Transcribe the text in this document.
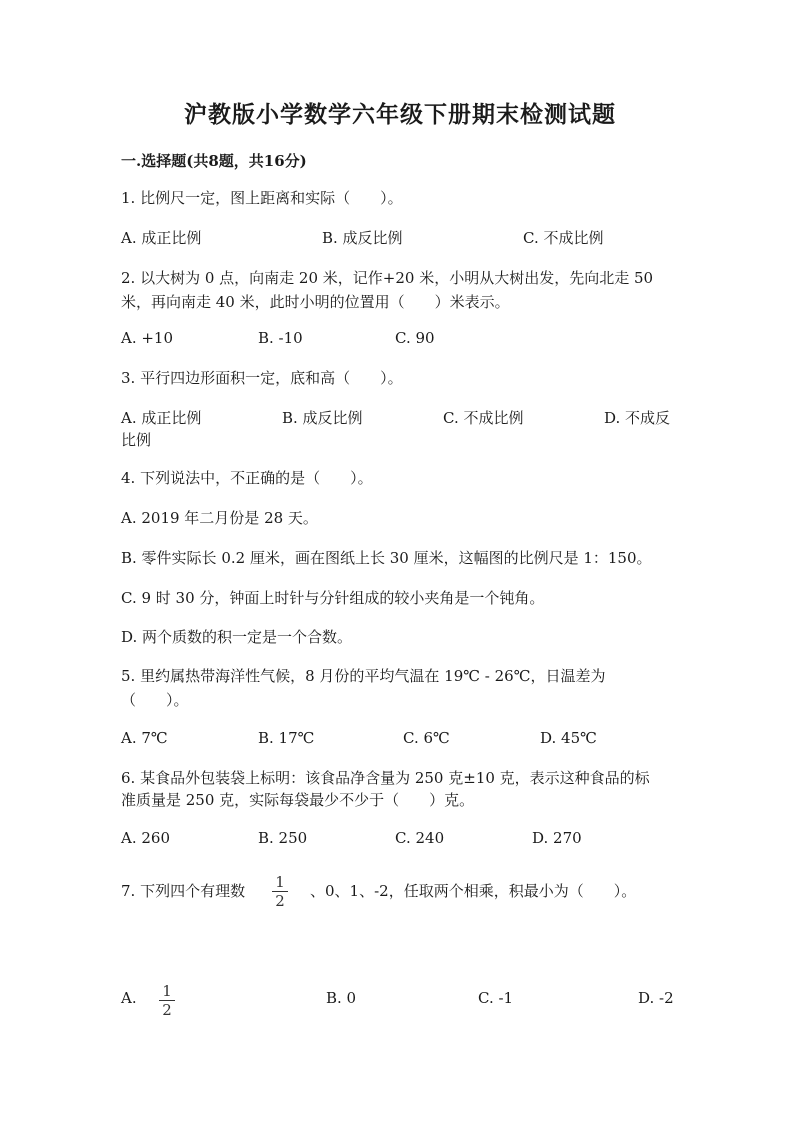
沪教版小学数学六年级下册期末检测试题
一.选择题(共8题，共16分)
1. 比例尺一定，图上距离和实际（　　）。
A. 成正比例	B. 成反比例	C. 不成比例
2. 以大树为 0 点，向南走 20 米，记作+20 米，小明从大树出发，先向北走 50
米，再向南走 40 米，此时小明的位置用（　　）米表示。
A. +10	B. -10	C. 90
3. 平行四边形面积一定，底和高（　　）。
A. 成正比例	B. 成反比例	C. 不成比例	D. 不成反
比例
4. 下列说法中，不正确的是（　　）。
A. 2019 年二月份是 28 天。
B. 零件实际长 0.2 厘米，画在图纸上长 30 厘米，这幅图的比例尺是 1：150。
C. 9 时 30 分，钟面上时针与分针组成的较小夹角是一个钝角。
D. 两个质数的积一定是一个合数。
5. 里约属热带海洋性气候，8 月份的平均气温在 19℃ - 26℃，日温差为
（　　）。
A. 7℃	B. 17℃	C. 6℃	D. 45℃
6. 某食品外包装袋上标明：该食品净含量为 250 克±10 克，表示这种食品的标
准质量是 250 克，实际每袋最少不少于（　　）克。
A. 260	B. 250	C. 240	D. 270
7. 下列四个有理数	1
2
、0、1、-2，任取两个相乘，积最小为（　　）。
A.	1
2
B. 0	C. -1	D. -2
